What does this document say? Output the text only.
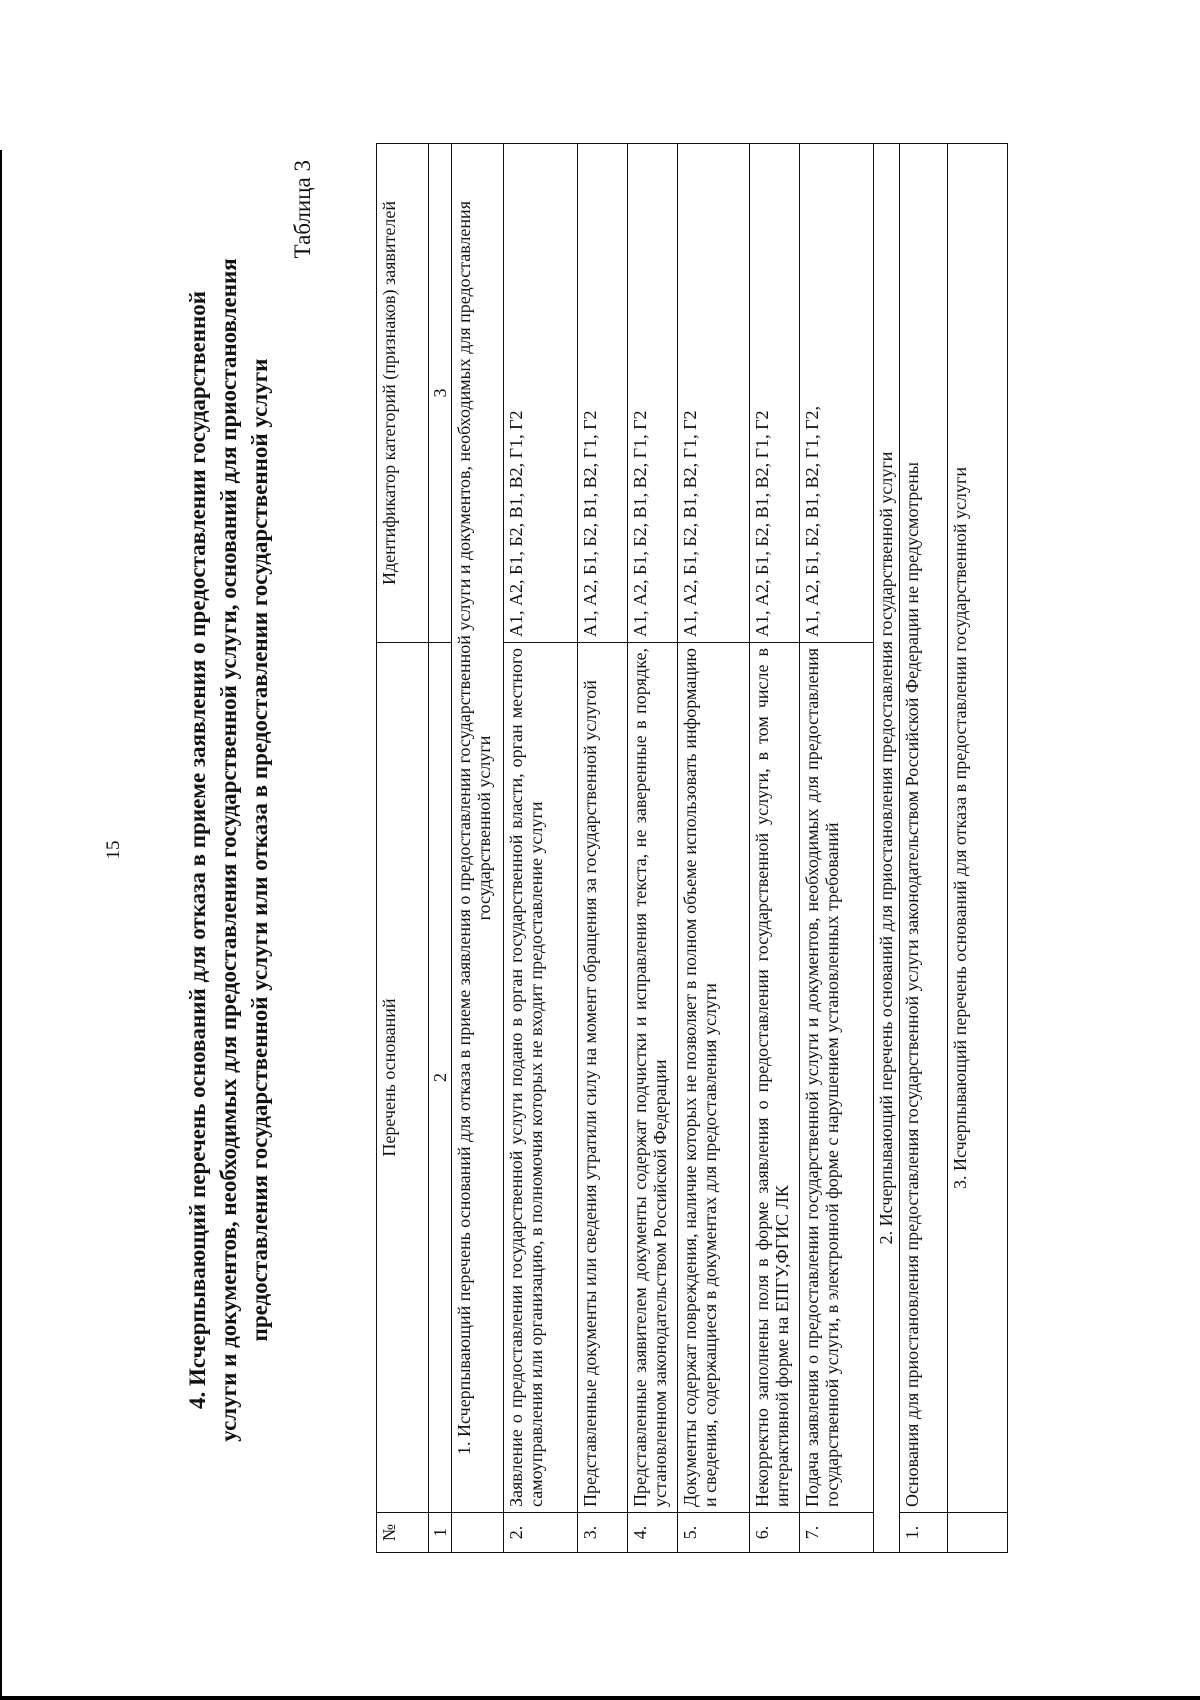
15	4. Исчерпывающий перечень оснований для отказа в приеме заявления о предоставлении государственной услуги и документов, необходимых для предоставления государственной услуги, оснований для приостановления предоставления государственной услуги или отказа в предоставлении государственной услуги
Таблица 3
№	Перечень оснований	Идентификатор категорий (признаков) заявителей
1	2	3
	1. Исчерпывающий перечень оснований для отказа в приеме заявления о предоставлении государственной услуги и документов, необходимых для предоставления государственной услуги	
2.	Заявление о предоставлении государственной услуги подано в орган государственной власти, орган местного самоуправления или организацию, в полномочия которых не входит предоставление услуги	А1, А2, Б1, Б2, В1, В2, Г1, Г2
3.	Представленные документы или сведения утратили силу на момент обращения за государственной услугой	А1, А2, Б1, Б2, В1, В2, Г1, Г2
4.	Представленные заявителем документы содержат подчистки и исправления текста, не заверенные в порядке, установленном законодательством Российской Федерации	А1, А2, Б1, Б2, В1, В2, Г1, Г2
5.	Документы содержат повреждения, наличие которых не позволяет в полном объеме использовать информацию и сведения, содержащиеся в документах для предоставления услуги	А1, А2, Б1, Б2, В1, В2, Г1, Г2
6.	Некорректно заполнены поля в форме заявления о предоставлении государственной услуги, в том числе в интерактивной форме на ЕПГУ,ФГИС ЛК	А1, А2, Б1, Б2, В1, В2, Г1, Г2
7.	Подача заявления о предоставлении государственной услуги и документов, необходимых для предоставления государственной услуги, в электронной форме с нарушением установленных требований	А1, А2, Б1, Б2, В1, В2, Г1, Г2,
2. Исчерпывающий перечень оснований для приостановления предоставления государственной услуги		
1.	Основания для приостановления предоставления государственной услуги законодательством Российской Федерации не предусмотрены	
	3. Исчерпывающий перечень оснований для отказа в предоставлении государственной услуги	
